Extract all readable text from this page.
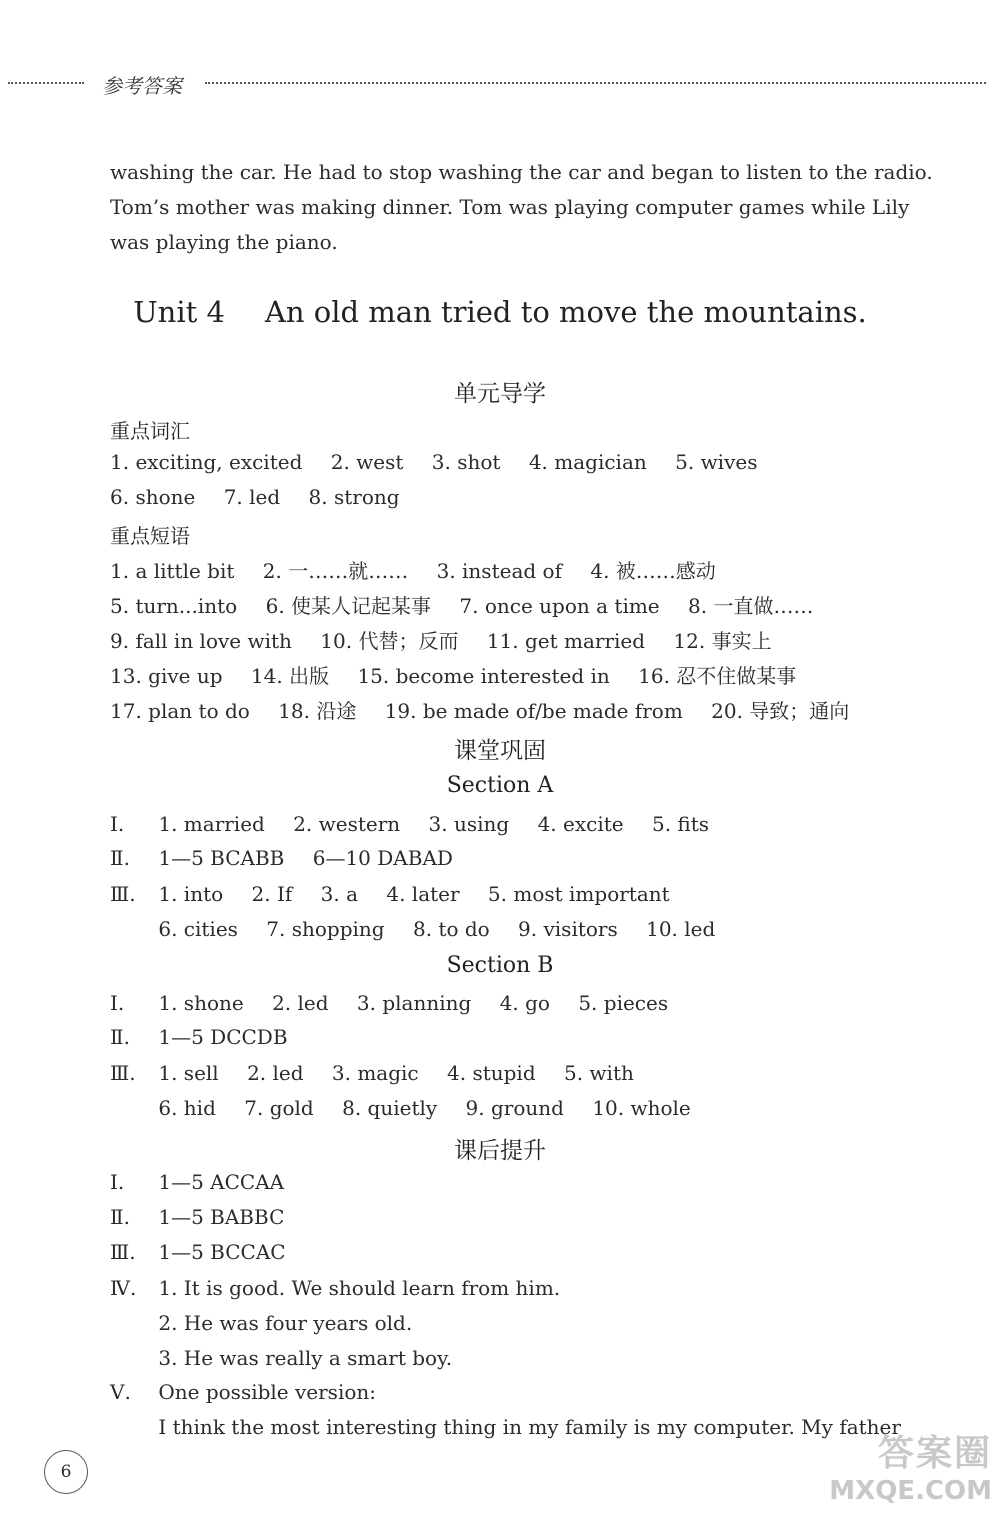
参考答案
washing the car. He had to stop washing the car and began to listen to the radio.
Tom’s mother was making dinner. Tom was playing computer games while Lily
was playing the piano.
Unit 4 An old man tried to move the mountains.
单元导学
重点词汇
1. exciting, excited 2. west 3. shot 4. magician 5. wives
6. shone 7. led 8. strong
重点短语
1. a little bit 2. 一……就…… 3. instead of 4. 被……感动
5. turn...into 6. 使某人记起某事 7. once upon a time 8. 一直做……
9. fall in love with 10. 代替；反而 11. get married 12. 事实上
13. give up 14. 出版 15. become interested in 16. 忍不住做某事
17. plan to do 18. 沿途 19. be made of/be made from 20. 导致；通向
课堂巩固
Section A
Ⅰ. 1. married 2. western 3. using 4. excite 5. fits
Ⅱ. 1—5 BCABB 6—10 DABAD
Ⅲ. 1. into 2. If 3. a 4. later 5. most important
6. cities 7. shopping 8. to do 9. visitors 10. led
Section B
Ⅰ. 1. shone 2. led 3. planning 4. go 5. pieces
Ⅱ. 1—5 DCCDB
Ⅲ. 1. sell 2. led 3. magic 4. stupid 5. with
6. hid 7. gold 8. quietly 9. ground 10. whole
课后提升
Ⅰ. 1—5 ACCAA
Ⅱ. 1—5 BABBC
Ⅲ. 1—5 BCCAC
Ⅳ. 1. It is good. We should learn from him.
2. He was four years old.
3. He was really a smart boy.
Ⅴ. One possible version:
I think the most interesting thing in my family is my computer. My father
6	答案圈
MXQE.COM
